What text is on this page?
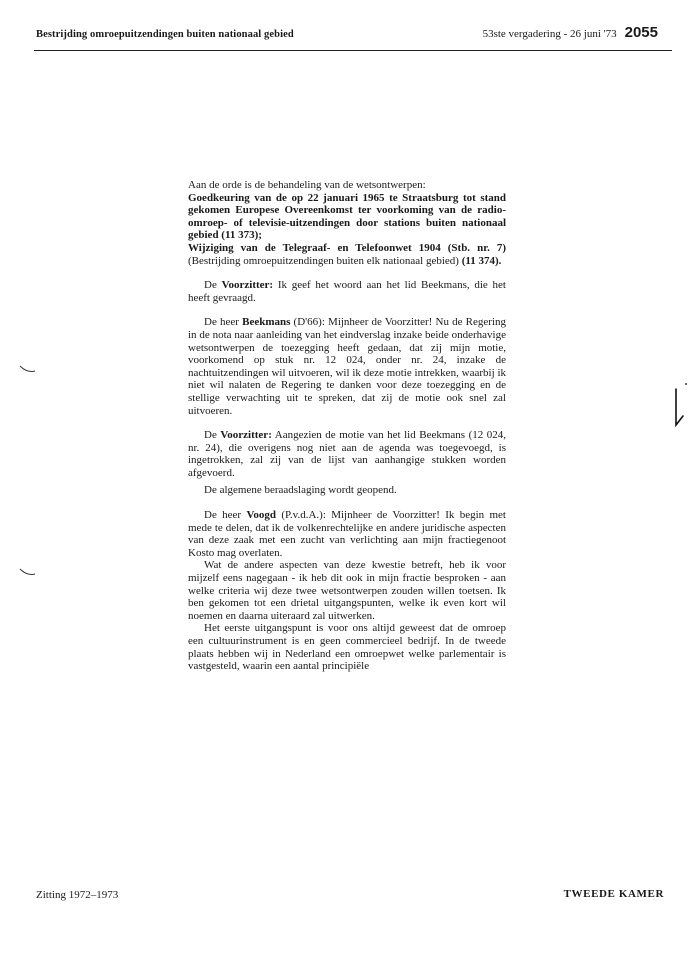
Bestrijding omroepuitzendingen buiten nationaal gebied	53ste vergadering - 26 juni '73 2055

Aan de orde is de behandeling van de wetsontwerpen:

Goedkeuring van de op 22 januari 1965 te Straatsburg tot stand gekomen Europese Overeenkomst ter voorkoming van de radio-omroep- of televisie-uitzendingen door stations buiten nationaal gebied (11 373);

Wijziging van de Telegraaf- en Telefoonwet 1904 (Stb. nr. 7) (Bestrijding omroepuitzendingen buiten elk nationaal gebied) (11 374).

De Voorzitter: Ik geef het woord aan het lid Beekmans, die het heeft gevraagd.

De heer Beekmans (D'66): Mijnheer de Voorzitter! Nu de Regering in de nota naar aanleiding van het eindverslag inzake beide onderhavige wetsontwerpen de toezegging heeft gedaan, dat zij mijn motie, voorkomend op stuk nr. 12 024, onder nr. 24, inzake de nachtuitzendingen wil uitvoeren, wil ik deze motie intrekken, waarbij ik niet wil nalaten de Regering te danken voor deze toezegging en de stellige verwachting uit te spreken, dat zij de motie ook snel zal uitvoeren.

De Voorzitter: Aangezien de motie van het lid Beekmans (12 024, nr. 24), die overigens nog niet aan de agenda was toegevoegd, is ingetrokken, zal zij van de lijst van aanhangige stukken worden afgevoerd.

De algemene beraadslaging wordt geopend.

De heer Voogd (P.v.d.A.): Mijnheer de Voorzitter! Ik begin met mede te delen, dat ik de volkenrechtelijke en andere juridische aspecten van deze zaak met een zucht van verlichting aan mijn fractiegenoot Kosto mag overlaten.

Wat de andere aspecten van deze kwestie betreft, heb ik voor mijzelf eens nagegaan - ik heb dit ook in mijn fractie besproken - aan welke criteria wij deze twee wetsontwerpen zouden willen toetsen. Ik ben gekomen tot een drietal uitgangspunten, welke ik even kort wil noemen en daarna uiteraard zal uitwerken.

Het eerste uitgangspunt is voor ons altijd geweest dat de omroep een cultuurinstrument is en geen commercieel bedrijf. In de tweede plaats hebben wij in Nederland een omroepwet welke parlementair is vastgesteld, waarin een aantal principiële

Zitting 1972–1973	TWEEDE KAMER
